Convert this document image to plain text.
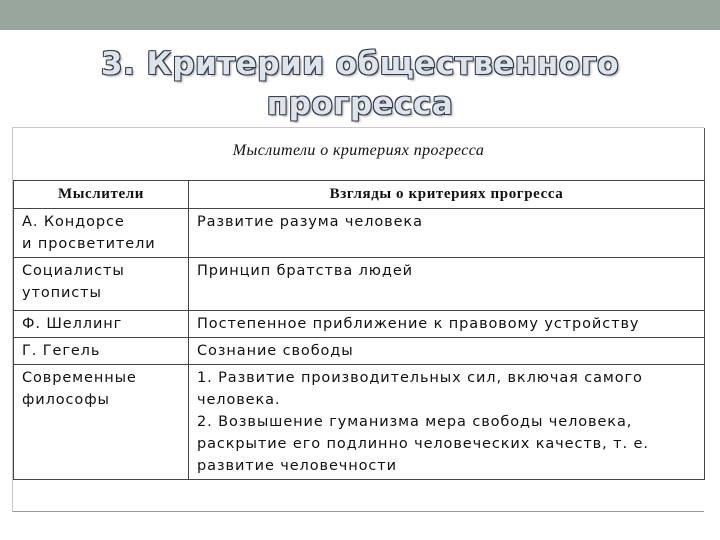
3. Критерии общественного
прогресса
Мыслители о критериях прогресса
Мыслители	Взгляды о критериях прогресса

А. Кондорсе
и просветители	Развитие разума человека

Социалисты
утописты	Принцип братства людей

Ф. Шеллинг	Постепенное приближение к правовому устройству

Г. Гегель	Сознание свободы

Современные
философы	1. Развитие производительных сил, включая самого
человека.
2. Возвышение гуманизма мера свободы человека,
раскрытие его подлинно человеческих качеств, т. е.
развитие человечности
